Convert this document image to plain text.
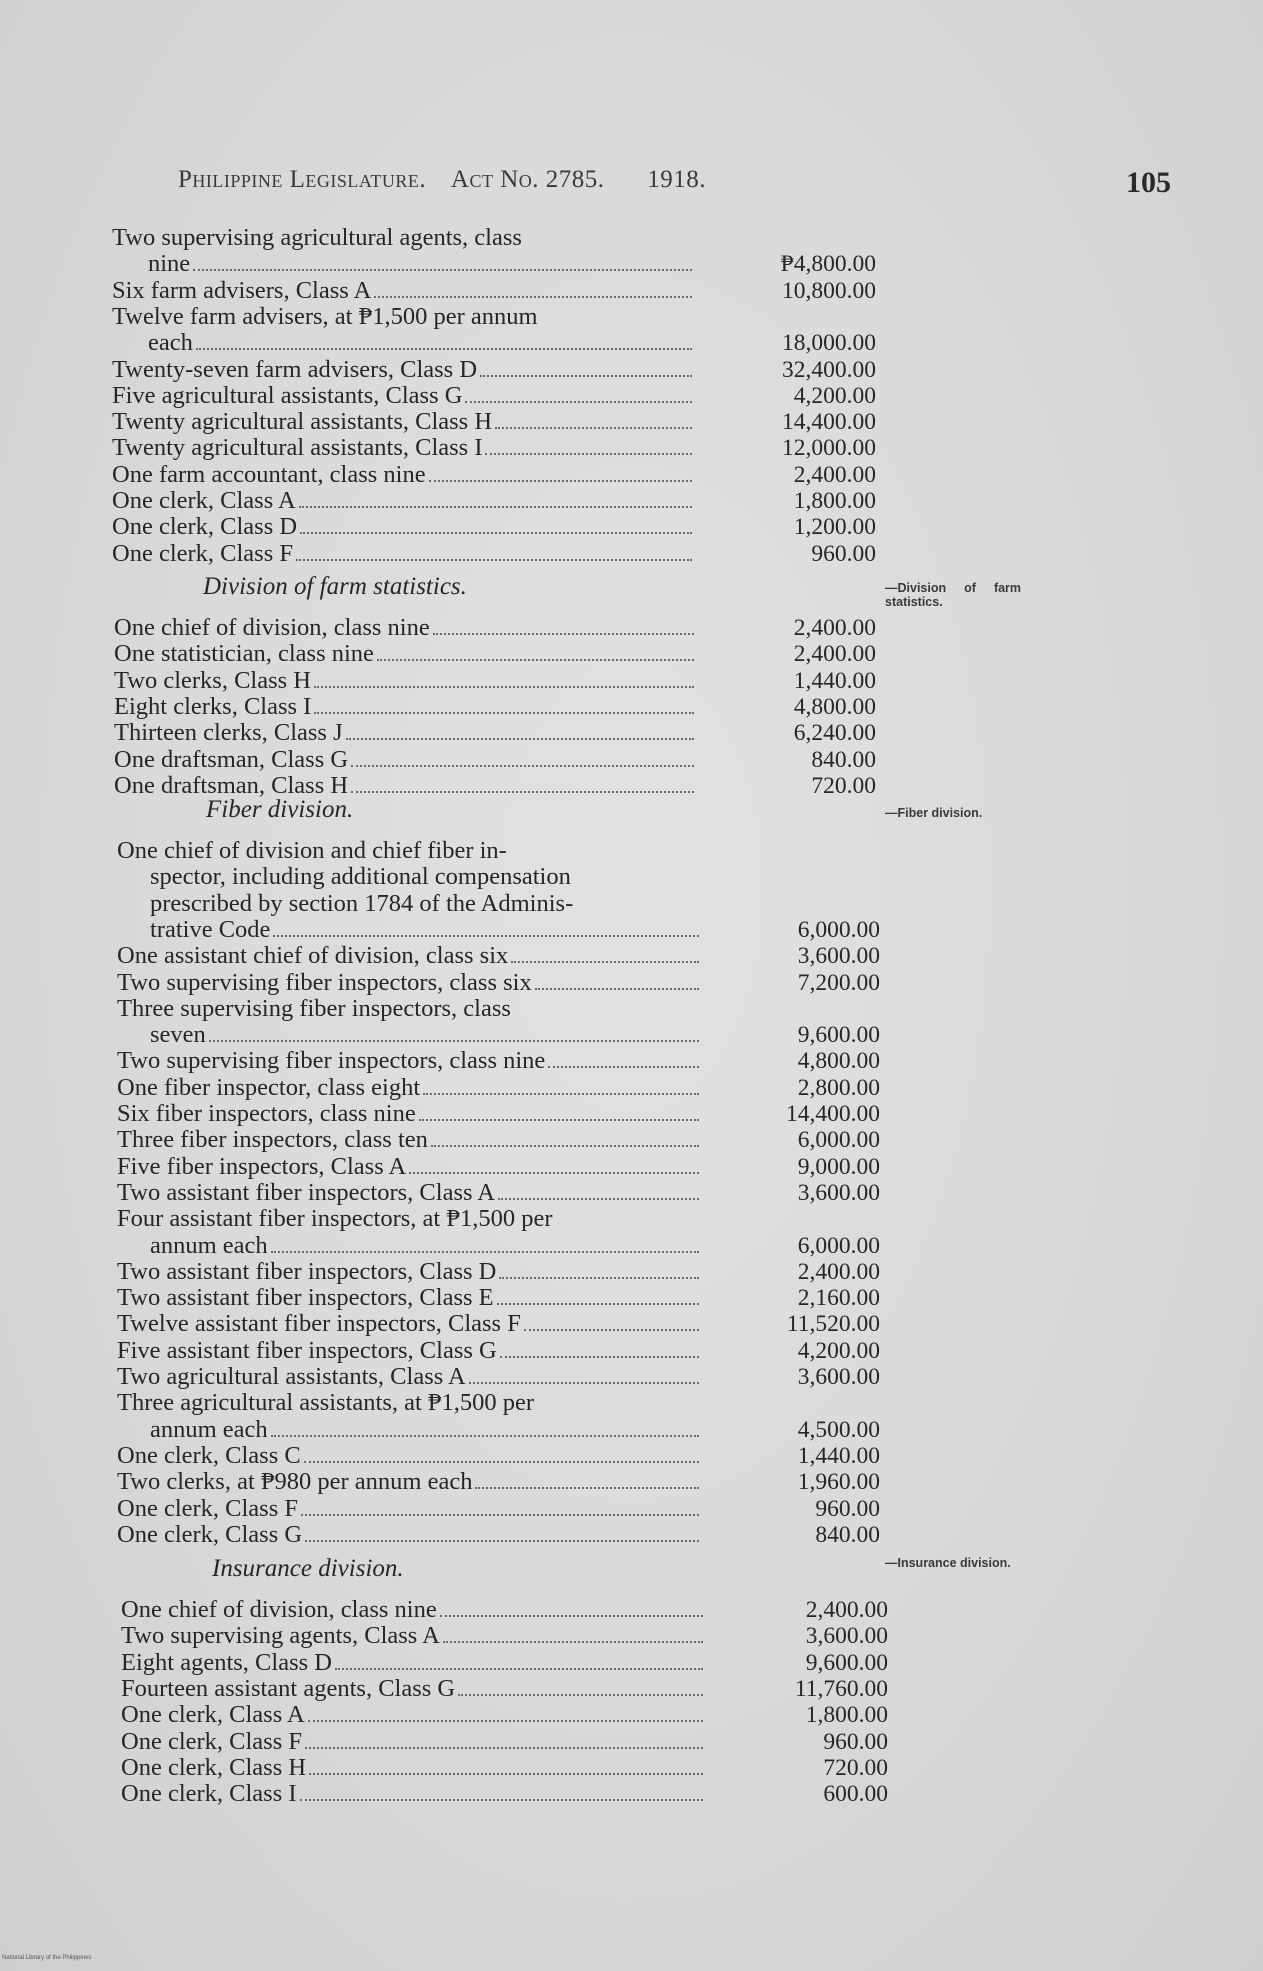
Philippine Legislature. Act No. 2785. 1918.	105
Two supervising agricultural agents, class
nine	₱4,800.00
Six farm advisers, Class A	10,800.00
Twelve farm advisers, at ₱1,500 per annum
each	18,000.00
Twenty-seven farm advisers, Class D	32,400.00
Five agricultural assistants, Class G	4,200.00
Twenty agricultural assistants, Class H	14,400.00
Twenty agricultural assistants, Class I	12,000.00
One farm accountant, class nine	2,400.00
One clerk, Class A	1,800.00
One clerk, Class D	1,200.00
One clerk, Class F	960.00
Division of farm statistics.	—Division of farm
statistics.
One chief of division, class nine	2,400.00
One statistician, class nine	2,400.00
Two clerks, Class H	1,440.00
Eight clerks, Class I	4,800.00
Thirteen clerks, Class J	6,240.00
One draftsman, Class G	840.00
One draftsman, Class H	720.00
Fiber division.	—Fiber division.
One chief of division and chief fiber in-
spector, including additional compensation
prescribed by section 1784 of the Adminis-
trative Code	6,000.00
One assistant chief of division, class six	3,600.00
Two supervising fiber inspectors, class six	7,200.00
Three supervising fiber inspectors, class
seven	9,600.00
Two supervising fiber inspectors, class nine	4,800.00
One fiber inspector, class eight	2,800.00
Six fiber inspectors, class nine	14,400.00
Three fiber inspectors, class ten	6,000.00
Five fiber inspectors, Class A	9,000.00
Two assistant fiber inspectors, Class A	3,600.00
Four assistant fiber inspectors, at ₱1,500 per
annum each	6,000.00
Two assistant fiber inspectors, Class D	2,400.00
Two assistant fiber inspectors, Class E	2,160.00
Twelve assistant fiber inspectors, Class F	11,520.00
Five assistant fiber inspectors, Class G	4,200.00
Two agricultural assistants, Class A	3,600.00
Three agricultural assistants, at ₱1,500 per
annum each	4,500.00
One clerk, Class C	1,440.00
Two clerks, at ₱980 per annum each	1,960.00
One clerk, Class F	960.00
One clerk, Class G	840.00
Insurance division.	—Insurance division.
One chief of division, class nine	2,400.00
Two supervising agents, Class A	3,600.00
Eight agents, Class D	9,600.00
Fourteen assistant agents, Class G	11,760.00
One clerk, Class A	1,800.00
One clerk, Class F	960.00
One clerk, Class H	720.00
One clerk, Class I	600.00
National Library of the Philippines
